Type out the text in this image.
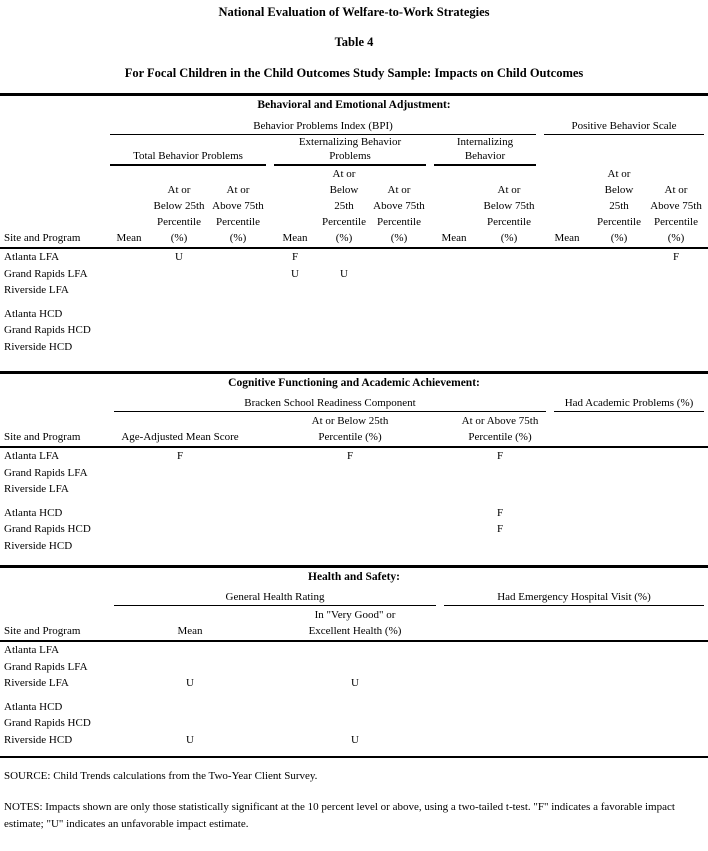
National Evaluation of Welfare-to-Work Strategies
Table 4
For Focal Children in the Child Outcomes Study Sample: Impacts on Child Outcomes
Behavioral and Emotional Adjustment:

	Behavior Problems Index (BPI)								Positive Behavior Scale		

	Total Behavior Problems			Externalizing Behavior
Problems			Internalizing
Behavior				

Site and Program	Mean	At or Below 25th Percentile (%)	At or Above 75th Percentile (%)	Mean	At or Below 25th Percentile (%)	At or Above 75th Percentile (%)	Mean	At or Below 75th Percentile (%)	Mean	At or Below 25th Percentile (%)	At or Above 75th Percentile (%)

Atlanta LFA		U		F							F
Grand Rapids LFA				U	U						
Riverside LFA											

Atlanta HCD											
Grand Rapids HCD											
Riverside HCD											
Cognitive Functioning and Academic Achievement:

	Bracken School Readiness Component			Had Academic Problems (%)

Site and Program	Age-Adjusted Mean Score	At or Below 25th
Percentile (%)	At or Above 75th
Percentile (%)	

Atlanta LFA	F	F	F	
Grand Rapids LFA				
Riverside LFA				

Atlanta HCD			F	
Grand Rapids HCD			F	
Riverside HCD				
Health and Safety:

	General Health Rating		Had Emergency Hospital Visit (%)

Site and Program	Mean	In "Very Good" or
Excellent Health (%)	

Atlanta LFA			
Grand Rapids LFA			
Riverside LFA	U	U	

Atlanta HCD			
Grand Rapids HCD			
Riverside HCD	U	U	

SOURCE: Child Trends calculations from the Two-Year Client Survey.

NOTES: Impacts shown are only those statistically significant at the 10 percent level or above, using a two-tailed t-test. "F" indicates a favorable impact estimate; "U" indicates an unfavorable impact estimate.
